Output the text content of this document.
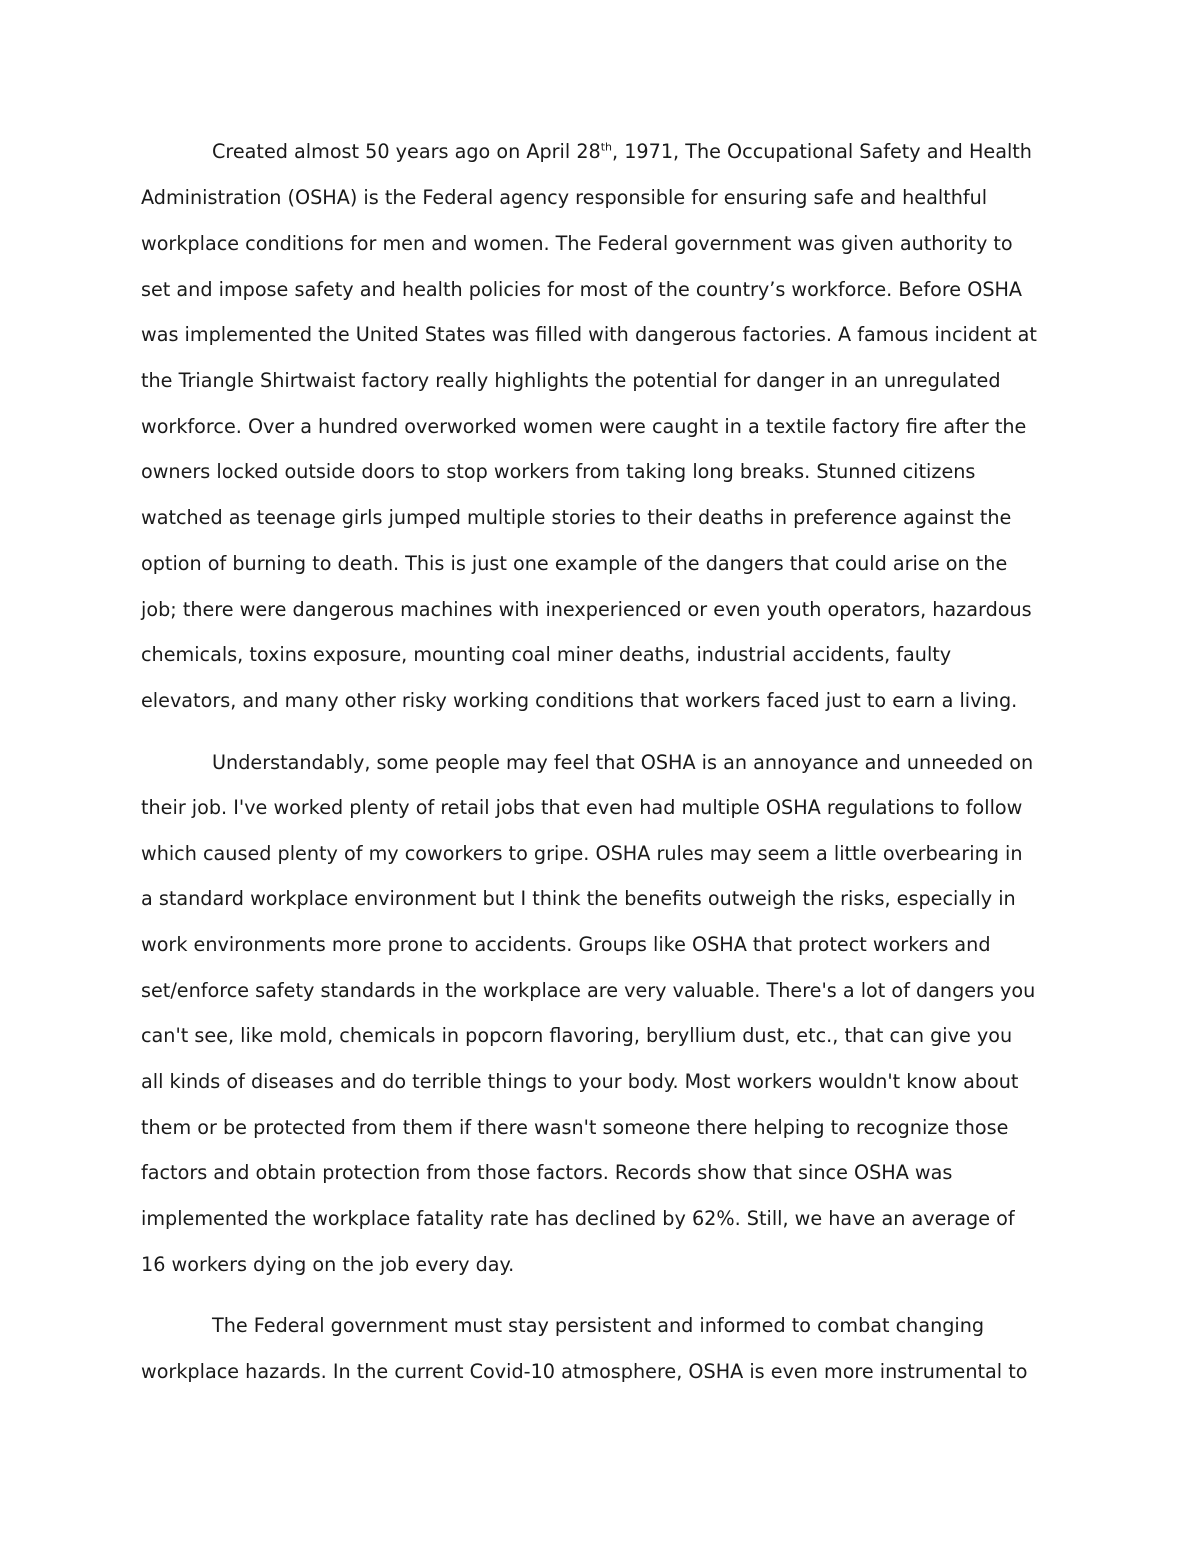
Created almost 50 years ago on April 28th, 1971, The Occupational Safety and Health
Administration (OSHA) is the Federal agency responsible for ensuring safe and healthful
workplace conditions for men and women. The Federal government was given authority to
set and impose safety and health policies for most of the country’s workforce. Before OSHA
was implemented the United States was filled with dangerous factories. A famous incident at
the Triangle Shirtwaist factory really highlights the potential for danger in an unregulated
workforce. Over a hundred overworked women were caught in a textile factory fire after the
owners locked outside doors to stop workers from taking long breaks. Stunned citizens
watched as teenage girls jumped multiple stories to their deaths in preference against the
option of burning to death. This is just one example of the dangers that could arise on the
job; there were dangerous machines with inexperienced or even youth operators, hazardous
chemicals, toxins exposure, mounting coal miner deaths, industrial accidents, faulty
elevators, and many other risky working conditions that workers faced just to earn a living.
Understandably, some people may feel that OSHA is an annoyance and unneeded on
their job. I've worked plenty of retail jobs that even had multiple OSHA regulations to follow
which caused plenty of my coworkers to gripe. OSHA rules may seem a little overbearing in
a standard workplace environment but I think the benefits outweigh the risks, especially in
work environments more prone to accidents. Groups like OSHA that protect workers and
set/enforce safety standards in the workplace are very valuable. There's a lot of dangers you
can't see, like mold, chemicals in popcorn flavoring, beryllium dust, etc., that can give you
all kinds of diseases and do terrible things to your body. Most workers wouldn't know about
them or be protected from them if there wasn't someone there helping to recognize those
factors and obtain protection from those factors. Records show that since OSHA was
implemented the workplace fatality rate has declined by 62%. Still, we have an average of
16 workers dying on the job every day.
The Federal government must stay persistent and informed to combat changing
workplace hazards. In the current Covid-10 atmosphere, OSHA is even more instrumental to
